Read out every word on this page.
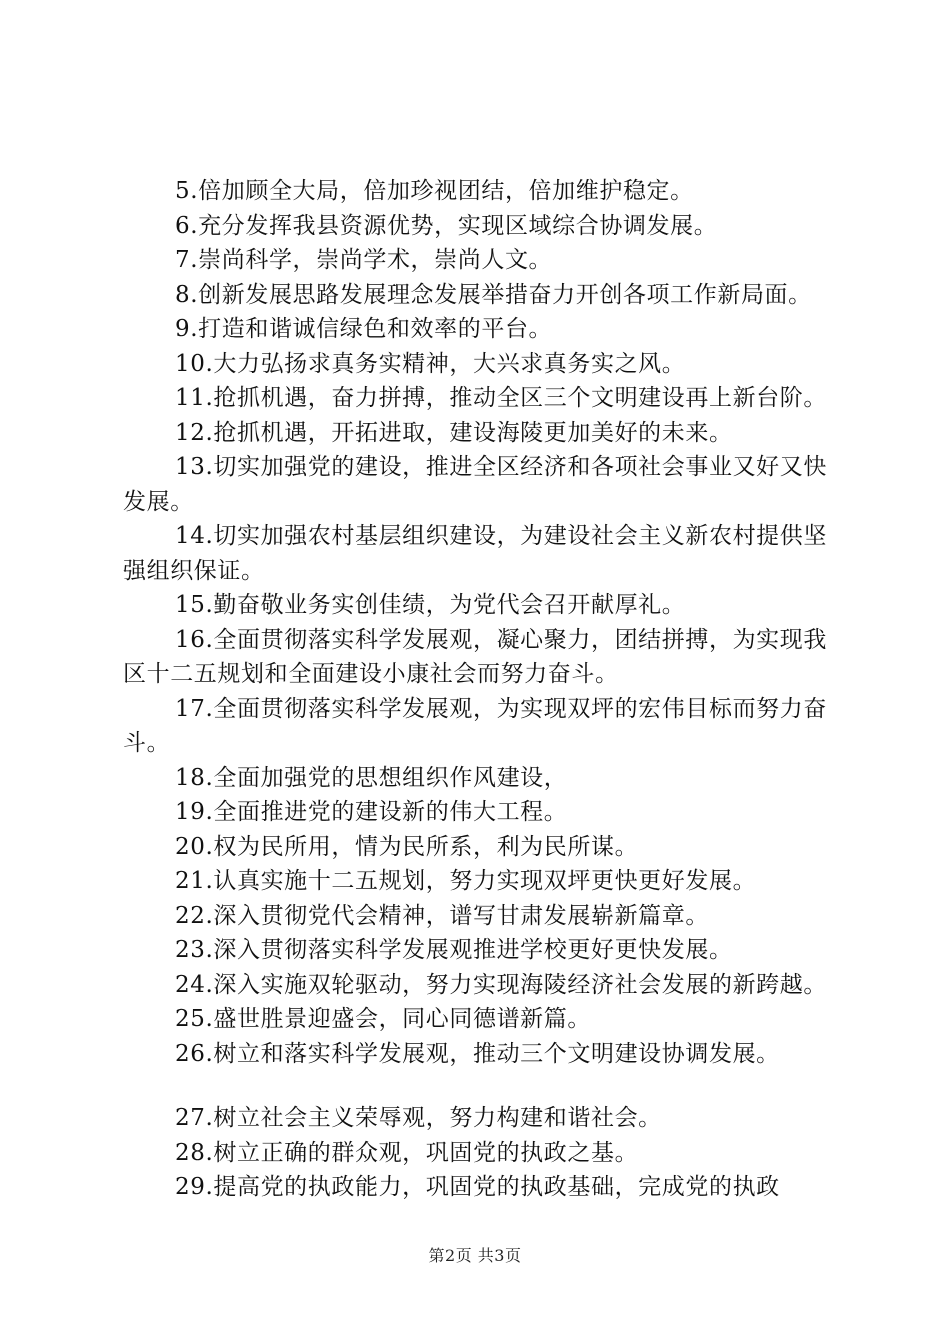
5.倍加顾全大局，倍加珍视团结，倍加维护稳定。

6.充分发挥我县资源优势，实现区域综合协调发展。

7.崇尚科学，崇尚学术，崇尚人文。

8.创新发展思路发展理念发展举措奋力开创各项工作新局面。

9.打造和谐诚信绿色和效率的平台。

10.大力弘扬求真务实精神，大兴求真务实之风。

11.抢抓机遇，奋力拼搏，推动全区三个文明建设再上新台阶。

12.抢抓机遇，开拓进取，建设海陵更加美好的未来。

13.切实加强党的建设，推进全区经济和各项社会事业又好又快发展。

14.切实加强农村基层组织建设，为建设社会主义新农村提供坚强组织保证。

15.勤奋敬业务实创佳绩，为党代会召开献厚礼。

16.全面贯彻落实科学发展观，凝心聚力，团结拼搏，为实现我区十二五规划和全面建设小康社会而努力奋斗。

17.全面贯彻落实科学发展观，为实现双坪的宏伟目标而努力奋斗。

18.全面加强党的思想组织作风建设，

19.全面推进党的建设新的伟大工程。

20.权为民所用，情为民所系，利为民所谋。

21.认真实施十二五规划，努力实现双坪更快更好发展。

22.深入贯彻党代会精神，谱写甘肃发展崭新篇章。

23.深入贯彻落实科学发展观推进学校更好更快发展。

24.深入实施双轮驱动，努力实现海陵经济社会发展的新跨越。

25.盛世胜景迎盛会，同心同德谱新篇。

26.树立和落实科学发展观，推动三个文明建设协调发展。

27.树立社会主义荣辱观，努力构建和谐社会。

28.树立正确的群众观，巩固党的执政之基。

29.提高党的执政能力，巩固党的执政基础，完成党的执政

第2页 共3页
